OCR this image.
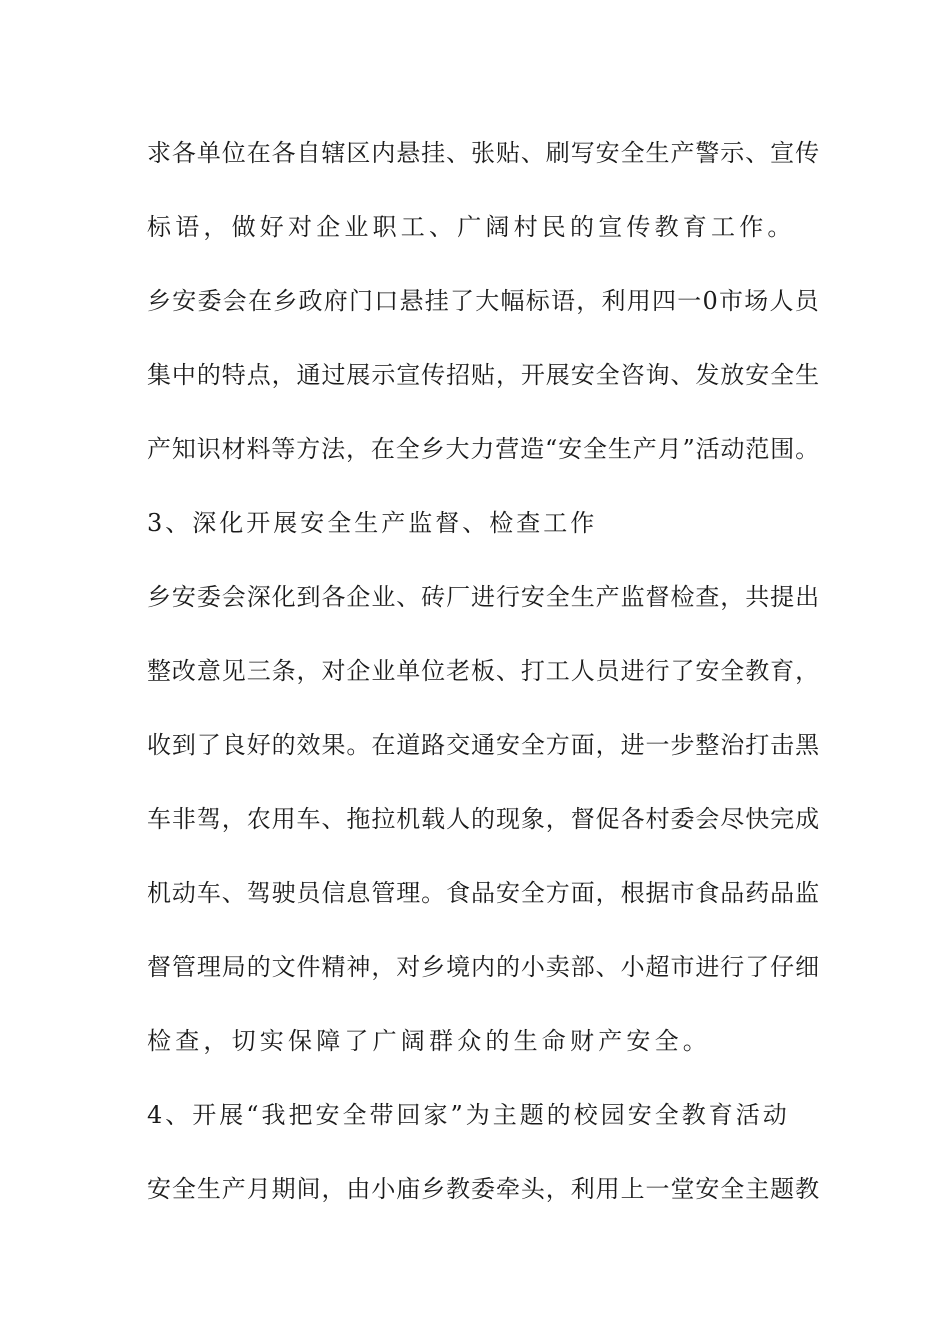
求各单位在各自辖区内悬挂、张贴、刷写安全生产警示、宣传
标语，做好对企业职工、广阔村民的宣传教育工作。
乡安委会在乡政府门口悬挂了大幅标语，利用四一0市场人员
集中的特点，通过展示宣传招贴，开展安全咨询、发放安全生
产知识材料等方法，在全乡大力营造“安全生产月”活动范围。
3、深化开展安全生产监督、检查工作
乡安委会深化到各企业、砖厂进行安全生产监督检查，共提出
整改意见三条，对企业单位老板、打工人员进行了安全教育，
收到了良好的效果。在道路交通安全方面，进一步整治打击黑
车非驾，农用车、拖拉机载人的现象，督促各村委会尽快完成
机动车、驾驶员信息管理。食品安全方面，根据市食品药品监
督管理局的文件精神，对乡境内的小卖部、小超市进行了仔细
检查，切实保障了广阔群众的生命财产安全。
4、开展“我把安全带回家”为主题的校园安全教育活动
安全生产月期间，由小庙乡教委牵头，利用上一堂安全主题教
